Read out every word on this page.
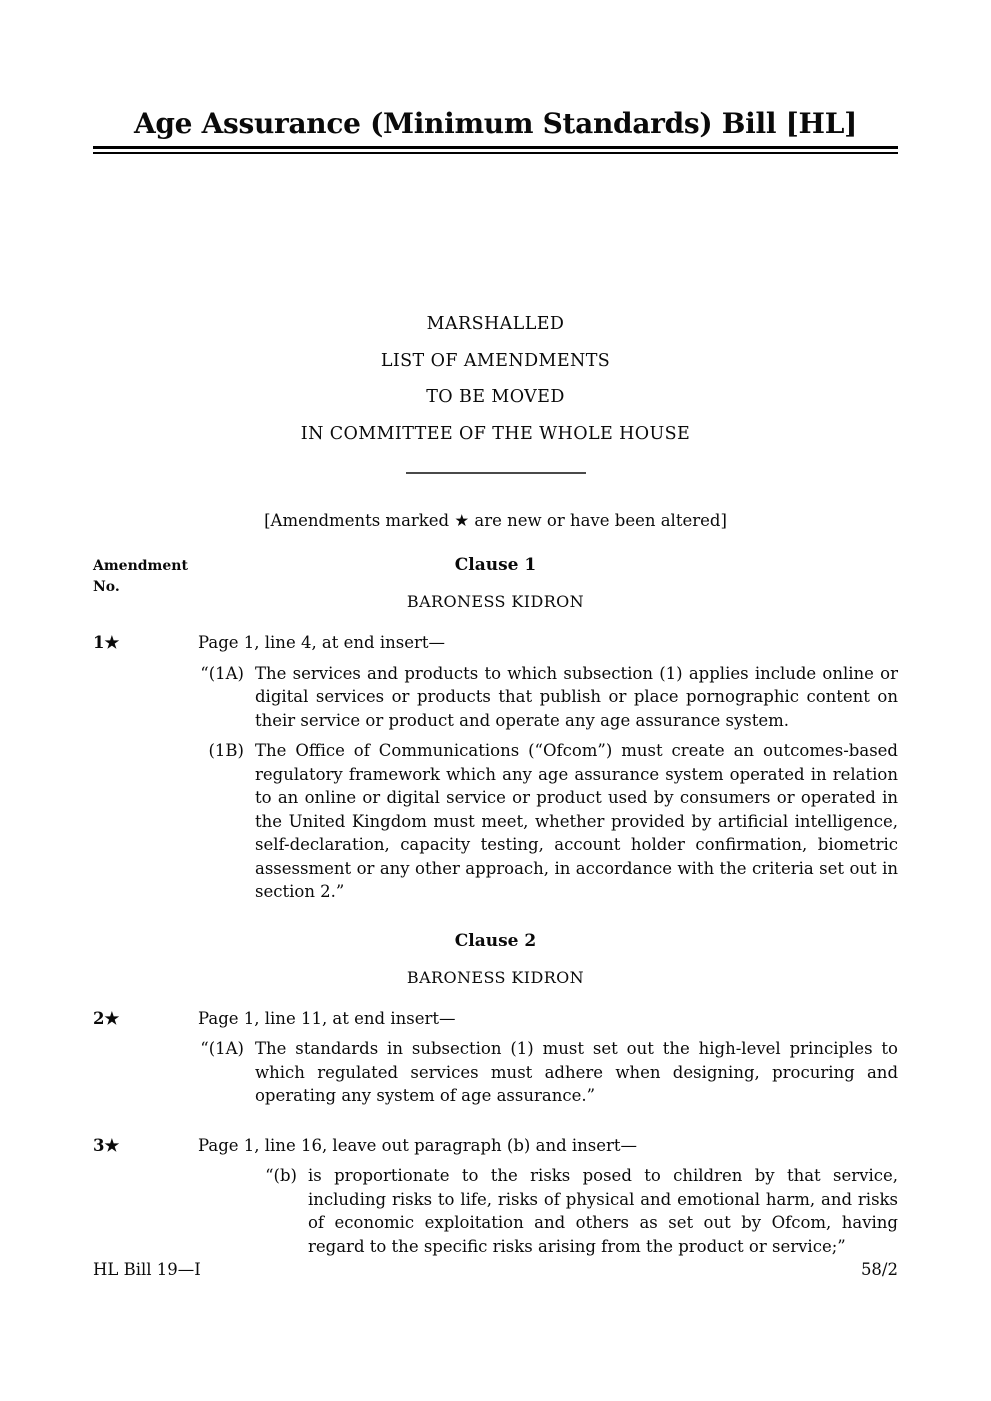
Age Assurance (Minimum Standards) Bill [HL]
MARSHALLED
LIST OF AMENDMENTS
TO BE MOVED
IN COMMITTEE OF THE WHOLE HOUSE
[Amendments marked ★ are new or have been altered]
Amendment
No.
Clause 1
BARONESS KIDRON
1★	Page 1, line 4, at end insert—
“(1A) The services and products to which subsection (1) applies include online or digital services or products that publish or place pornographic content on their service or product and operate any age assurance system.
(1B) The Office of Communications (“Ofcom”) must create an outcomes-based regulatory framework which any age assurance system operated in relation to an online or digital service or product used by consumers or operated in the United Kingdom must meet, whether provided by artificial intelligence, self-declaration, capacity testing, account holder confirmation, biometric assessment or any other approach, in accordance with the criteria set out in section 2.”
Clause 2
BARONESS KIDRON
2★	Page 1, line 11, at end insert—
“(1A) The standards in subsection (1) must set out the high-level principles to which regulated services must adhere when designing, procuring and operating any system of age assurance.”
3★	Page 1, line 16, leave out paragraph (b) and insert—
“(b) is proportionate to the risks posed to children by that service, including risks to life, risks of physical and emotional harm, and risks of economic exploitation and others as set out by Ofcom, having regard to the specific risks arising from the product or service;”
HL Bill 19—I	58/2
